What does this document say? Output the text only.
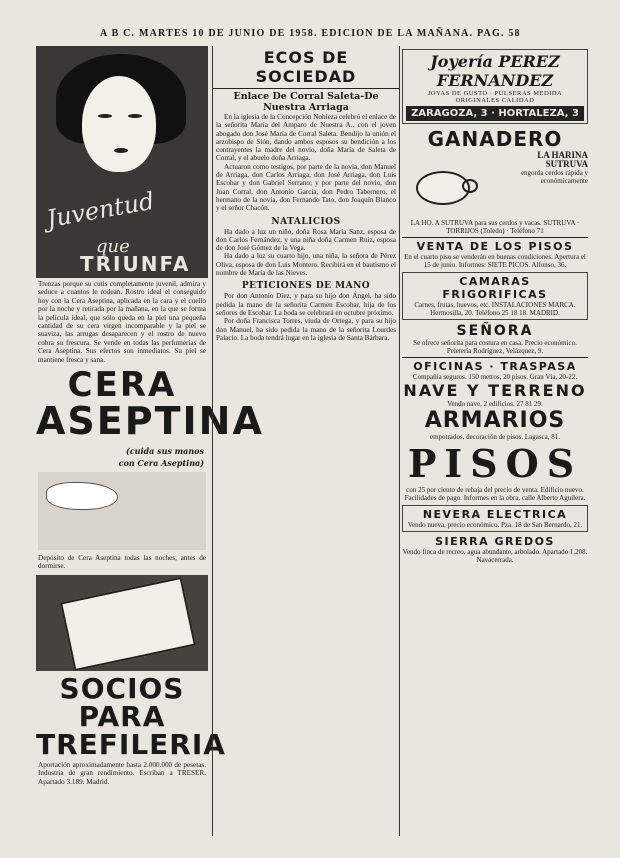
A B C. MARTES 10 DE JUNIO DE 1958. EDICION DE LA MAÑANA. PAG. 58
Juventud
que
TRIUNFA
Trenzas porque su cutis completamente juvenil, admira y seduce a cuantos le rodean. Rostro ideal el conseguido hoy con la Cera Aseptina, aplicada en la cara y el cuello por la noche y retirada por la mañana, en la que se forma la película ideal, que sólo queda en la piel una pequeña cantidad de su cera virgen incomparable y la piel se suaviza, las arrugas desaparecen y el rostro de nuevo cobra su frescura. Se vende en todas las perfumerías de Cera Aseptina. Sus efectos son inmediatos. Su piel se mantiene fresca y sana.
CERA
ASEPTINA
(cuida sus manos
con Cera Aseptina)
Depósito de Cera Aseptina todas las noches, antes de dormirse.
SOCIOS PARA
TREFILERIA
Aportación aproximadamente hasta 2.000.000 de pesetas. Industria de gran rendimiento. Escriban a TRESER. Apartado 3.189. Madrid.
ECOS DE SOCIEDAD
Enlace De Corral Saleta-De
Nuestra Arriaga

En la iglesia de la Concepción Nobleza celebró el enlace de la señorita María del Amparo de Nuestra A., con el joven abogado don José María de Corral Saleta. Bendijo la unión el arzobispo de Sión, dando ambos esposos su bendición a los contrayentes la madre del novio, doña María de Saleta de Corral, y el abuelo doña Arriaga.

Actuaron como testigos, por parte de la novia, don Manuel de Arriaga, don Carlos Arriaga, don José Arriaga, don Luis Escobar y don Gabriel Serrano; y por parte del novio, don Juan Corral, don Antonio García, don Pedro Tabernero, el hermano de la novia, don Fernando Tato, don Joaquín Blanco y el señor Chacón.

NATALICIOS

Ha dado a luz un niño, doña Rosa María Sanz, esposa de don Carlos Fernández, y una niña doña Carmen Ruiz, esposa de don José Gómez de la Vega.

Ha dado a luz su cuarto hijo, una niña, la señora de Pérez Oliva, esposa de don Luis Montero. Recibirá en el bautismo el nombre de María de las Nieves.

PETICIONES DE MANO

Por don Antonio Díez, y para su hijo don Ángel, ha sido pedida la mano de la señorita Carmen Escobar, hija de los señores de Escobar. La boda se celebrará en octubre próximo.

Por doña Francisca Torres, viuda de Ortega, y para su hijo don Manuel, ha sido pedida la mano de la señorita Lourdes Palacio. La boda tendrá lugar en la iglesia de Santa Bárbara.

Joyería PEREZ FERNANDEZ
JOYAS DE GUSTO · PULSERAS MEDIDA
ORIGINALES CALIDAD
ZARAGOZA, 3 · HORTALEZA, 3
GANADERO
LA HARINA SUTRUVA
engorda cerdos rápida y económicamente
LA HO. A SUTRUVA para sus cerdos y vacas. SUTRUVA · TORRIJOS (Toledo) · Teléfono 71
VENTA DE LOS PISOS
En el cuarto piso se venderán en buenas condiciones. Apertura el 15 de junio. Informes: SIETE PICOS. Alfonso, 36.
CAMARAS
FRIGORIFICAS
Carnes, frutas, huevos, etc. INSTALACIONES MARCA. Hermosilla, 20. Teléfono 25 18 18. MADRID.
SEÑORA
Se ofrece señorita para costura en casa. Precio económico. Peletería Rodríguez, Velázquez, 9.
OFICINAS · TRASPASA
Compañía seguros. 150 metros, 20 pisos. Gran Vía, 20-22.
NAVE Y TERRENO
Vendo nave, 2 edificios. 27 81 29.
ARMARIOS
empotrados, decoración de pisos. Lagasca, 81.
PISOS
con 25 por ciento de rebaja del precio de venta. Edificio nuevo. Facilidades de pago. Informes en la obra, calle Alberto Aguilera.
NEVERA ELECTRICA
Vendo nueva, precio económico. Pza. 18 de San Bernardo, 21.
SIERRA GREDOS
Vendo finca de recreo, agua abundante, arbolado. Apartado 1.208. Navacerrada.
